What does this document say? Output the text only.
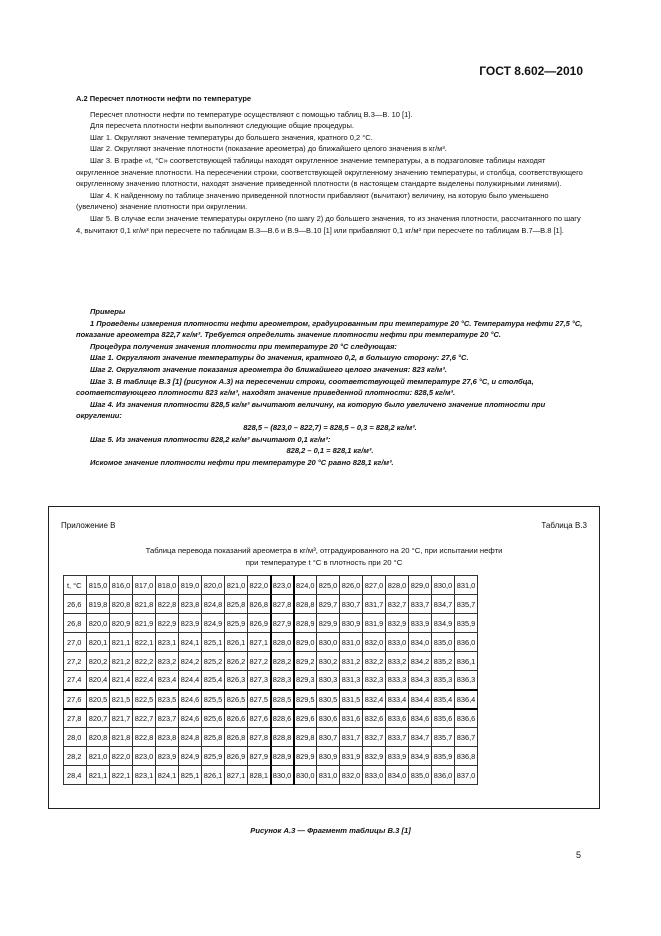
ГОСТ 8.602—2010

А.2 Пересчет плотности нефти по температуре

Пересчет плотности нефти по температуре осуществляют с помощью таблиц В.3—В. 10 [1].

Для пересчета плотности нефти выполняют следующие общие процедуры.

Шаг 1. Округляют значение температуры до большего значения, кратного 0,2 °С.

Шаг 2. Округляют значение плотности (показание ареометра) до ближайшего целого значения в кг/м³.

Шаг 3. В графе «t, °С» соответствующей таблицы находят округленное значение температуры, а в подзаголовке таблицы находят округленное значение плотности. На пересечении строки, соответствующей округленному значению температуры, и столбца, соответствующего округленному значению плотности, находят значение приведенной плотности (в настоящем стандарте выделены полужирными линиями).

Шаг 4. К найденному по таблице значению приведенной плотности прибавляют (вычитают) величину, на которую было уменьшено (увеличено) значение плотности при округлении.

Шаг 5. В случае если значение температуры округлено (по шагу 2) до большего значения, то из значения плотности, рассчитанного по шагу 4, вычитают 0,1 кг/м³ при пересчете по таблицам В.3—В.6 и В.9—В.10 [1] или прибавляют 0,1 кг/м³ при пересчете по таблицам В.7—В.8 [1].

Примеры

1 Проведены измерения плотности нефти ареометром, градуированным при температуре 20 °С. Температура нефти 27,5 °С, показание ареометра 822,7 кг/м³. Требуется определить значение плотности нефти при температуре 20 °С.

Процедура получения значения плотности при температуре 20 °С следующая:

Шаг 1. Округляют значение температуры до значения, кратного 0,2, в большую сторону: 27,6 °С.

Шаг 2. Округляют значение показания ареометра до ближайшего целого значения: 823 кг/м³.

Шаг 3. В таблице В.3 [1] (рисунок А.3) на пересечении строки, соответствующей температуре 27,6 °С, и столбца, соответствующего плотности 823 кг/м³, находят значение приведенной плотности: 828,5 кг/м³.

Шаг 4. Из значения плотности 828,5 кг/м³ вычитают величину, на которую было увеличено значение плотности при округлении:

828,5 – (823,0 – 822,7) = 828,5 – 0,3 = 828,2 кг/м³.

Шаг 5. Из значения плотности 828,2 кг/м³ вычитают 0,1 кг/м³:

828,2 – 0,1 = 828,1 кг/м³.

Искомое значение плотности нефти при температуре 20 °С равно 828,1 кг/м³.

Приложение В	Таблица В.3
Таблица перевода показаний ареометра в кг/м³, отградуированного на 20 °С, при испытании нефти
при температуре t °С в плотность при 20 °С
t, °С	815,0	816,0	817,0	818,0	819,0	820,0	821,0	822,0	823,0	824,0	825,0	826,0	827,0	828,0	829,0	830,0	831,0
26,6	819,8	820,8	821,8	822,8	823,8	824,8	825,8	826,8	827,8	828,8	829,7	830,7	831,7	832,7	833,7	834,7	835,7
26,8	820,0	820,9	821,9	822,9	823,9	824,9	825,9	826,9	827,9	828,9	829,9	830,9	831,9	832,9	833,9	834,9	835,9
27,0	820,1	821,1	822,1	823,1	824,1	825,1	826,1	827,1	828,0	829,0	830,0	831,0	832,0	833,0	834,0	835,0	836,0
27,2	820,2	821,2	822,2	823,2	824,2	825,2	826,2	827,2	828,2	829,2	830,2	831,2	832,2	833,2	834,2	835,2	836,1
27,4	820,4	821,4	822,4	823,4	824,4	825,4	826,3	827,3	828,3	829,3	830,3	831,3	832,3	833,3	834,3	835,3	836,3
27,6	820,5	821,5	822,5	823,5	824,6	825,5	826,5	827,5	828,5	829,5	830,5	831,5	832,4	833,4	834,4	835,4	836,4
27,8	820,7	821,7	822,7	823,7	824,6	825,6	826,6	827,6	828,6	829,6	830,6	831,6	832,6	833,6	834,6	835,6	836,6
28,0	820,8	821,8	822,8	823,8	824,8	825,8	826,8	827,8	828,8	829,8	830,7	831,7	832,7	833,7	834,7	835,7	836,7
28,2	821,0	822,0	823,0	823,9	824,9	825,9	826,9	827,9	828,9	829,9	830,9	831,9	832,9	833,9	834,9	835,9	836,8
28,4	821,1	822,1	823,1	824,1	825,1	826,1	827,1	828,1	830,0	830,0	831,0	832,0	833,0	834,0	835,0	836,0	837,0
Рисунок А.3 — Фрагмент таблицы В.3 [1]
5
